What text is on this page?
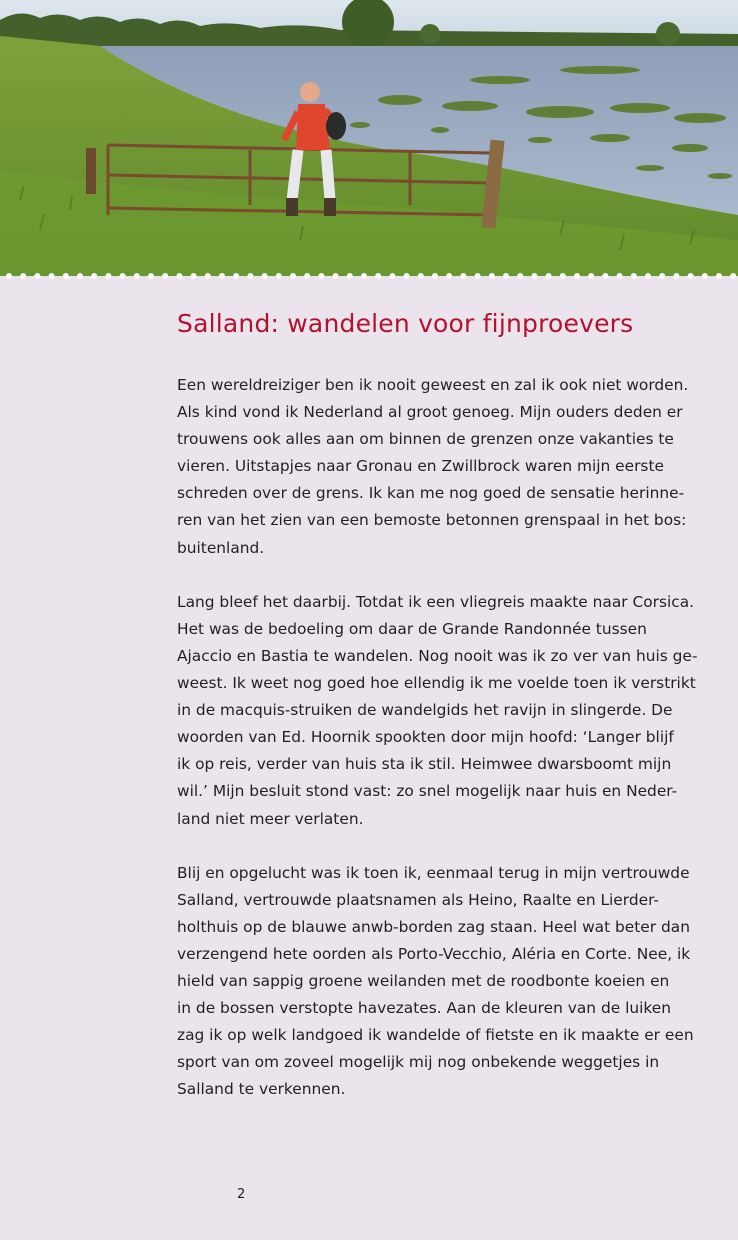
Salland: wandelen voor fijnproevers

Een wereldreiziger ben ik nooit geweest en zal ik ook niet worden.
Als kind vond ik Nederland al groot genoeg. Mijn ouders deden er
trouwens ook alles aan om binnen de grenzen onze vakanties te
vieren. Uitstapjes naar Gronau en Zwillbrock waren mijn eerste
schreden over de grens. Ik kan me nog goed de sensatie herinne-
ren van het zien van een bemoste betonnen grenspaal in het bos:
buitenland.

Lang bleef het daarbij. Totdat ik een vliegreis maakte naar Corsica.
Het was de bedoeling om daar de Grande Randonnée tussen
Ajaccio en Bastia te wandelen. Nog nooit was ik zo ver van huis ge-
weest. Ik weet nog goed hoe ellendig ik me voelde toen ik verstrikt
in de macquis-struiken de wandelgids het ravijn in slingerde. De
woorden van Ed. Hoornik spookten door mijn hoofd: ‘Langer blijf
ik op reis, verder van huis sta ik stil. Heimwee dwarsboomt mijn
wil.’ Mijn besluit stond vast: zo snel mogelijk naar huis en Neder-
land niet meer verlaten.

Blij en opgelucht was ik toen ik, eenmaal terug in mijn vertrouwde
Salland, vertrouwde plaatsnamen als Heino, Raalte en Lierder-
holthuis op de blauwe anwb-borden zag staan. Heel wat beter dan
verzengend hete oorden als Porto-Vecchio, Aléria en Corte. Nee, ik
hield van sappig groene weilanden met de roodbonte koeien en
in de bossen verstopte havezates. Aan de kleuren van de luiken
zag ik op welk landgoed ik wandelde of fietste en ik maakte er een
sport van om zoveel mogelijk mij nog onbekende weggetjes in
Salland te verkennen.

2
